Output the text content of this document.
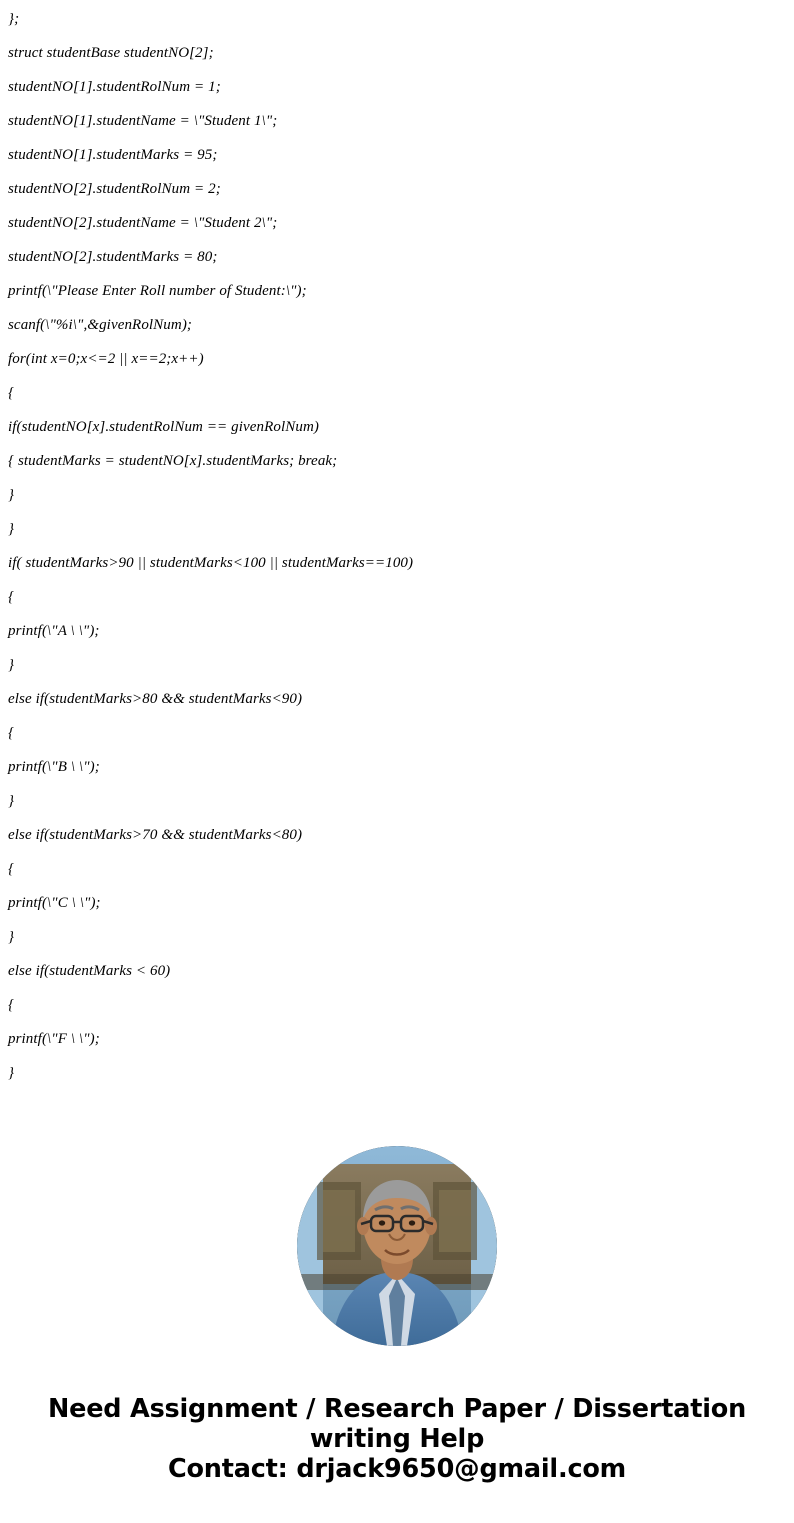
};
struct studentBase studentNO[2];
studentNO[1].studentRolNum = 1;
studentNO[1].studentName = \"Student 1\";
studentNO[1].studentMarks = 95;
studentNO[2].studentRolNum = 2;
studentNO[2].studentName = \"Student 2\";
studentNO[2].studentMarks = 80;
printf(\"Please Enter Roll number of Student:\");
scanf(\"%i\",&givenRolNum);
for(int x=0;x<=2 || x==2;x++)
{
if(studentNO[x].studentRolNum == givenRolNum)
{ studentMarks = studentNO[x].studentMarks; break;
}
}
if( studentMarks>90 || studentMarks<100 || studentMarks==100)
{
printf(\"A \ \");
}
else if(studentMarks>80 && studentMarks<90)
{
printf(\"B \ \");
}
else if(studentMarks>70 && studentMarks<80)
{
printf(\"C \ \");
}
else if(studentMarks < 60)
{
printf(\"F \ \");
}
Need Assignment / Research Paper / Dissertation
writing Help
Contact: drjack9650@gmail.com
